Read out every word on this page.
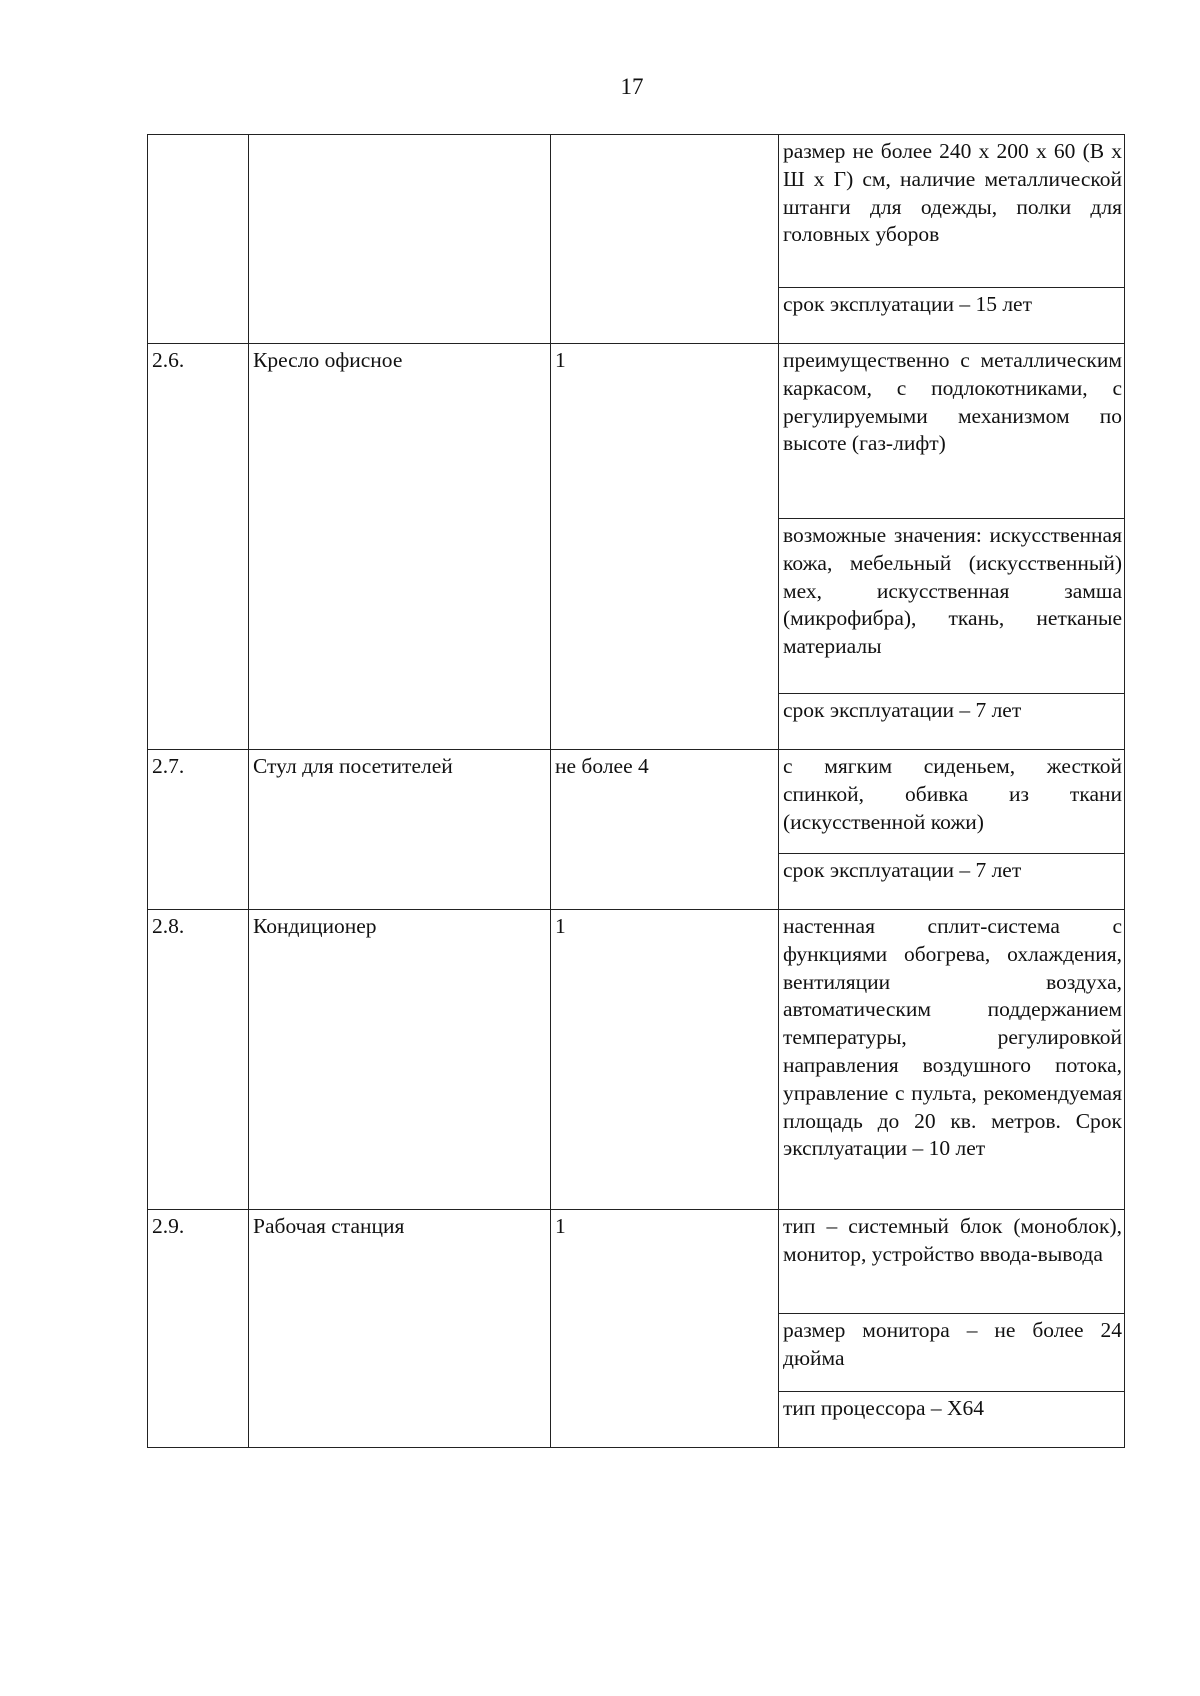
17
			размер не более 240 х 200 х 60 (В х Ш х Г) см, наличие металлической штанги для одежды, полки для головных уборов
			срок эксплуатации – 15 лет
2.6.	Кресло офисное	1	преимущественно с металлическим каркасом, с подлокотниками, с регулируемыми механизмом по высоте (газ-лифт)
			возможные значения: искусственная кожа, мебельный (искусственный) мех, искусственная замша (микрофибра), ткань, нетканые материалы
			срок эксплуатации – 7 лет
2.7.	Стул для посетителей	не более 4	с мягким сиденьем, жесткой спинкой, обивка из ткани (искусственной кожи)
			срок эксплуатации – 7 лет
2.8.	Кондиционер	1	настенная сплит-система с функциями обогрева, охлаждения, вентиляции воздуха, автоматическим поддержанием температуры, регулировкой направления воздушного потока, управление с пульта, рекомендуемая площадь до 20 кв. метров. Срок эксплуатации – 10 лет
2.9.	Рабочая станция	1	тип – системный блок (моноблок), монитор, устройство ввода-вывода
			размер монитора – не более 24 дюйма
			тип процессора – X64
